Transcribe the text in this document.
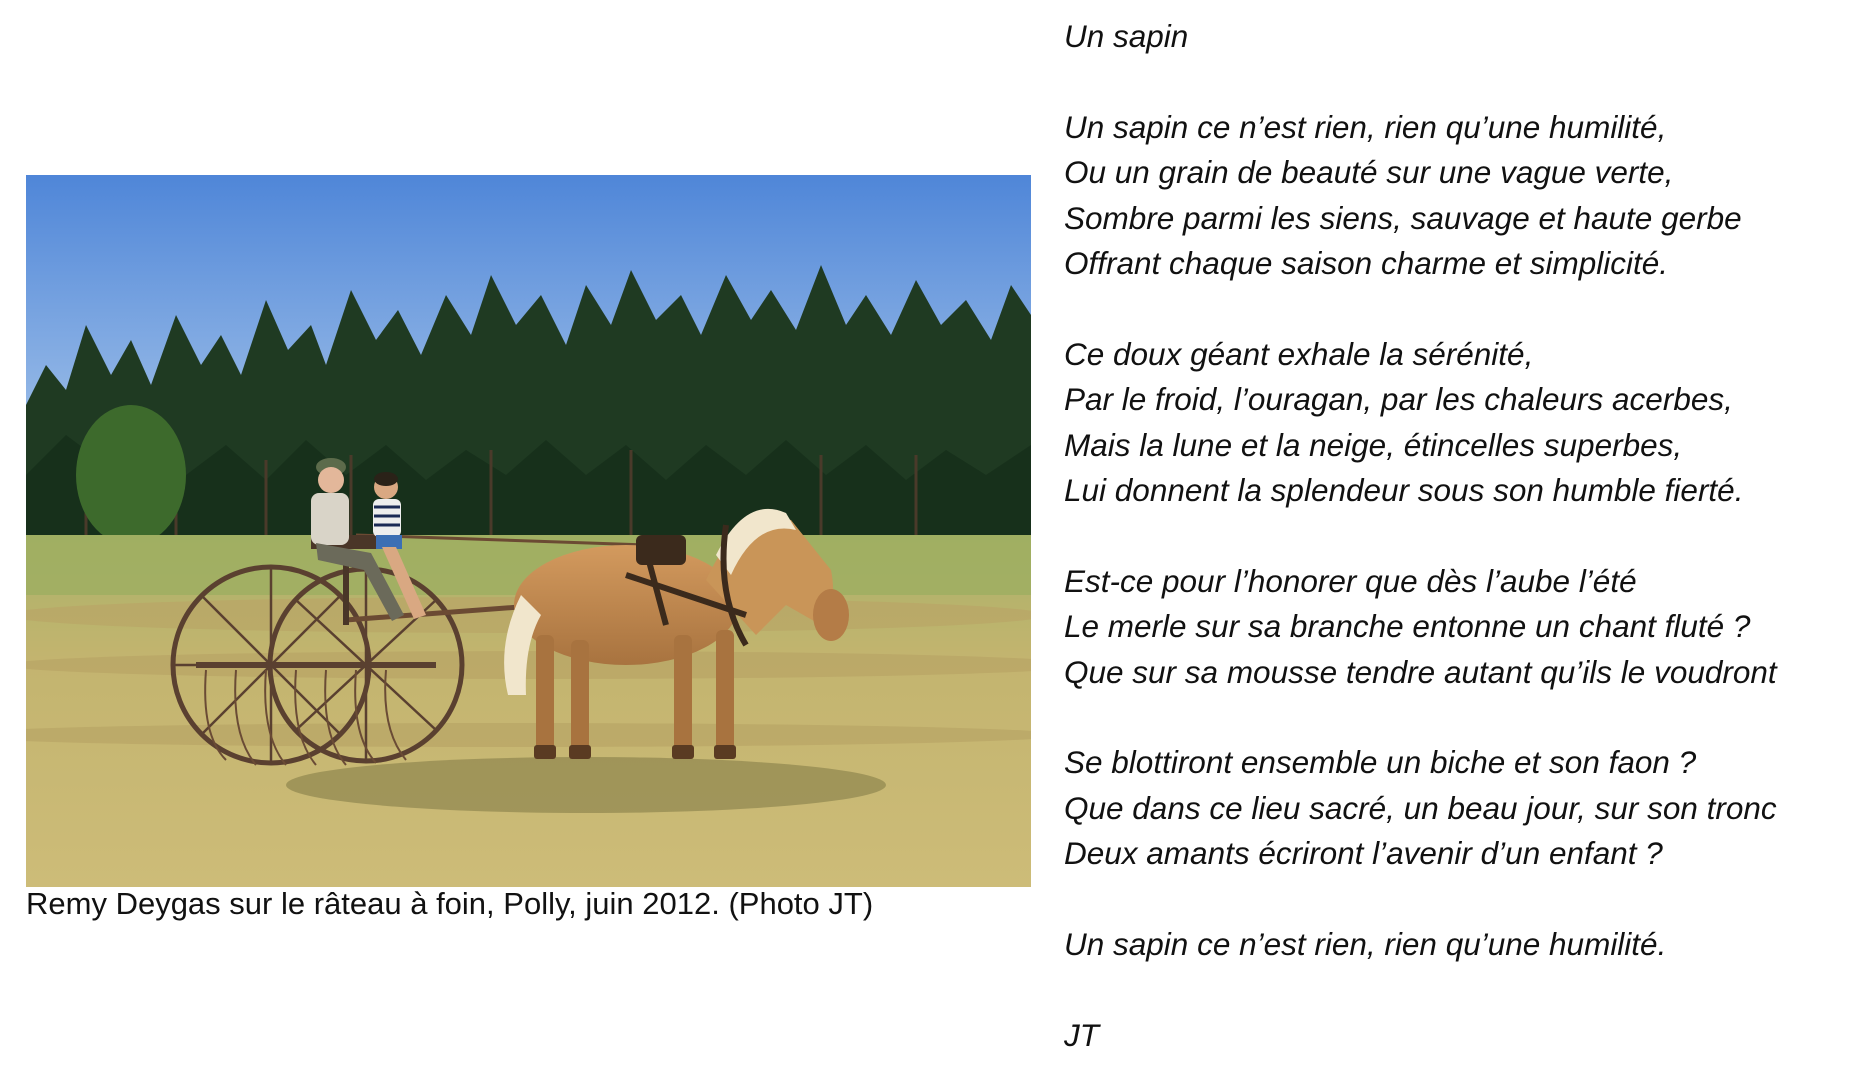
Remy Deygas sur le râteau à foin, Polly, juin 2012. (Photo JT)
Un sapin
Un sapin ce n’est rien, rien qu’une humilité,
Ou un grain de beauté sur une vague verte,
Sombre parmi les siens, sauvage et haute gerbe
Offrant chaque saison charme et simplicité.
Ce doux géant exhale la sérénité,
Par le froid, l’ouragan, par les chaleurs acerbes,
Mais la lune et la neige, étincelles superbes,
Lui donnent la splendeur sous son humble fierté.
Est-ce pour l’honorer que dès l’aube l’été
Le merle sur sa branche entonne un chant fluté ?
Que sur sa mousse tendre autant qu’ils le voudront
Se blottiront ensemble un biche et son faon ?
Que dans ce lieu sacré, un beau jour, sur son tronc
Deux amants écriront l’avenir d’un enfant ?
Un sapin ce n’est rien, rien qu’une humilité.
JT
